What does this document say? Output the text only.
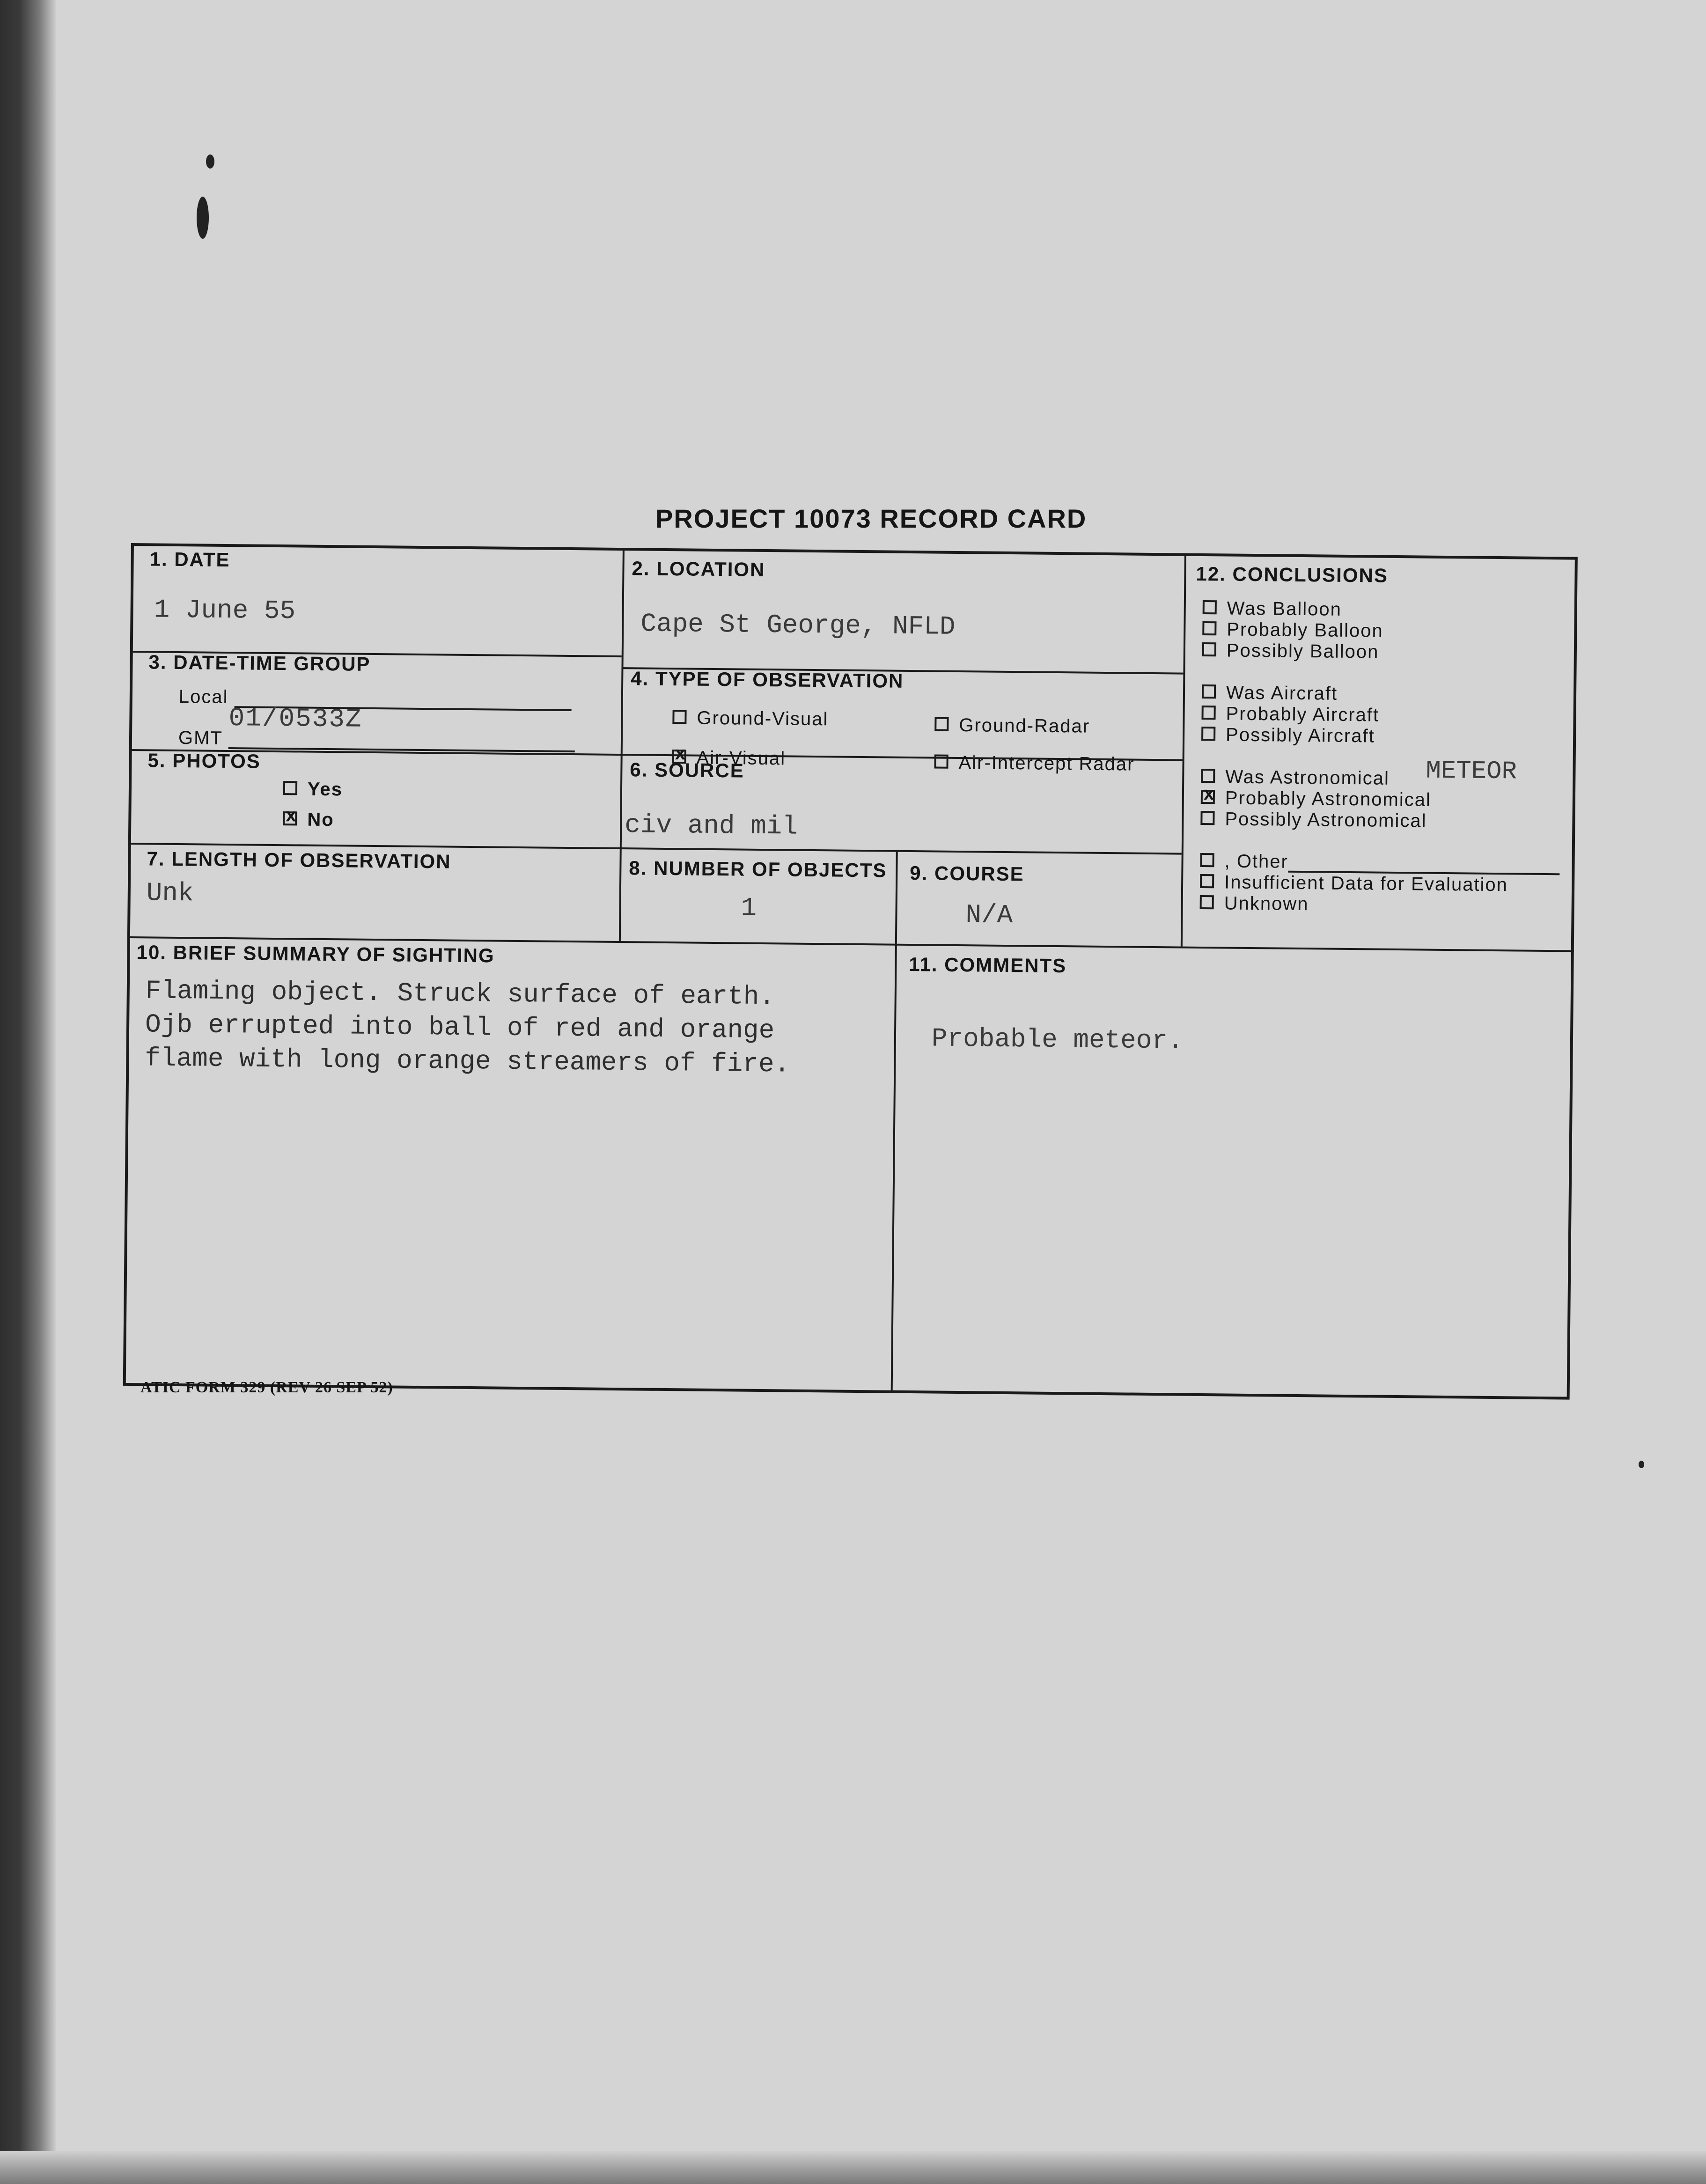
PROJECT 10073 RECORD CARD
1. DATE
1 June 55
2. LOCATION
Cape St George, NFLD
3. DATE-TIME GROUP
Local
GMT 01/0533Z
4. TYPE OF OBSERVATION
Ground-Visual	Ground-Radar
xAir-Visual	Air-Intercept Radar
5. PHOTOS
Yes
xNo
6. SOURCE
civ and mil
7. LENGTH OF OBSERVATION
Unk
8. NUMBER OF OBJECTS
1
9. COURSE
N/A
10. BRIEF SUMMARY OF SIGHTING
Flaming object. Struck surface of earth.
Ojb errupted into ball of red and orange
flame with long orange streamers of fire.
11. COMMENTS
Probable meteor.
12. CONCLUSIONS
Was Balloon
Probably Balloon
Possibly Balloon
Was Aircraft
Probably Aircraft
Possibly Aircraft
Was Astronomical METEOR
xProbably Astronomical
Possibly Astronomical
, Other
Insufficient Data for Evaluation
Unknown
ATIC FORM 329 (REV 26 SEP 52)
